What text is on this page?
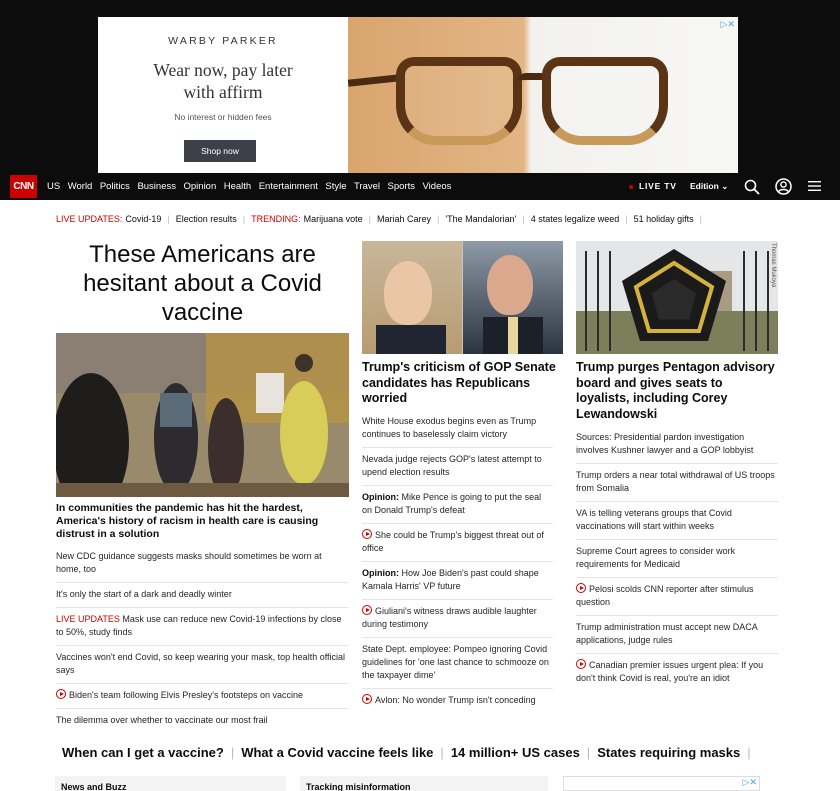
WARBY PARKER
Wear now, pay later
with affirm
No interest or hidden fees
Shop now
▷✕
CNN	US World Politics Business Opinion Health Entertainment Style Travel Sports Videos	LIVE TV Edition ⌄
LIVE UPDATES: Covid-19 | Election results | TRENDING: Marijuana vote | Mariah Carey | 'The Mandalorian' | 4 states legalize weed | 51 holiday gifts |
These Americans are hesitant about a Covid vaccine
In communities the pandemic has hit the hardest, America's history of racism in health care is causing distrust in a solution
New CDC guidance suggests masks should sometimes be worn at home, too
It's only the start of a dark and deadly winter
LIVE UPDATES Mask use can reduce new Covid-19 infections by close to 50%, study finds
Vaccines won't end Covid, so keep wearing your mask, top health official says
Biden's team following Elvis Presley's footsteps on vaccine
The dilemma over whether to vaccinate our most frail
Trump's criticism of GOP Senate candidates has Republicans worried
White House exodus begins even as Trump continues to baselessly claim victory
Nevada judge rejects GOP's latest attempt to upend election results
Opinion: Mike Pence is going to put the seal on Donald Trump's defeat
She could be Trump's biggest threat out of office
Opinion: How Joe Biden's past could shape Kamala Harris' VP future
Giuliani's witness draws audible laughter during testimony
State Dept. employee: Pompeo ignoring Covid guidelines for 'one last chance to schmooze on the taxpayer dime'
Avlon: No wonder Trump isn't conceding
Thomas Mukoya
Trump purges Pentagon advisory board and gives seats to loyalists, including Corey Lewandowski
Sources: Presidential pardon investigation involves Kushner lawyer and a GOP lobbyist
Trump orders a near total withdrawal of US troops from Somalia
VA is telling veterans groups that Covid vaccinations will start within weeks
Supreme Court agrees to consider work requirements for Medicaid
Pelosi scolds CNN reporter after stimulus question
Trump administration must accept new DACA applications, judge rules
Canadian premier issues urgent plea: If you don't think Covid is real, you're an idiot
When can I get a vaccine? | What a Covid vaccine feels like | 14 million+ US cases | States requiring masks |
News and Buzz	Tracking misinformation	▷✕
